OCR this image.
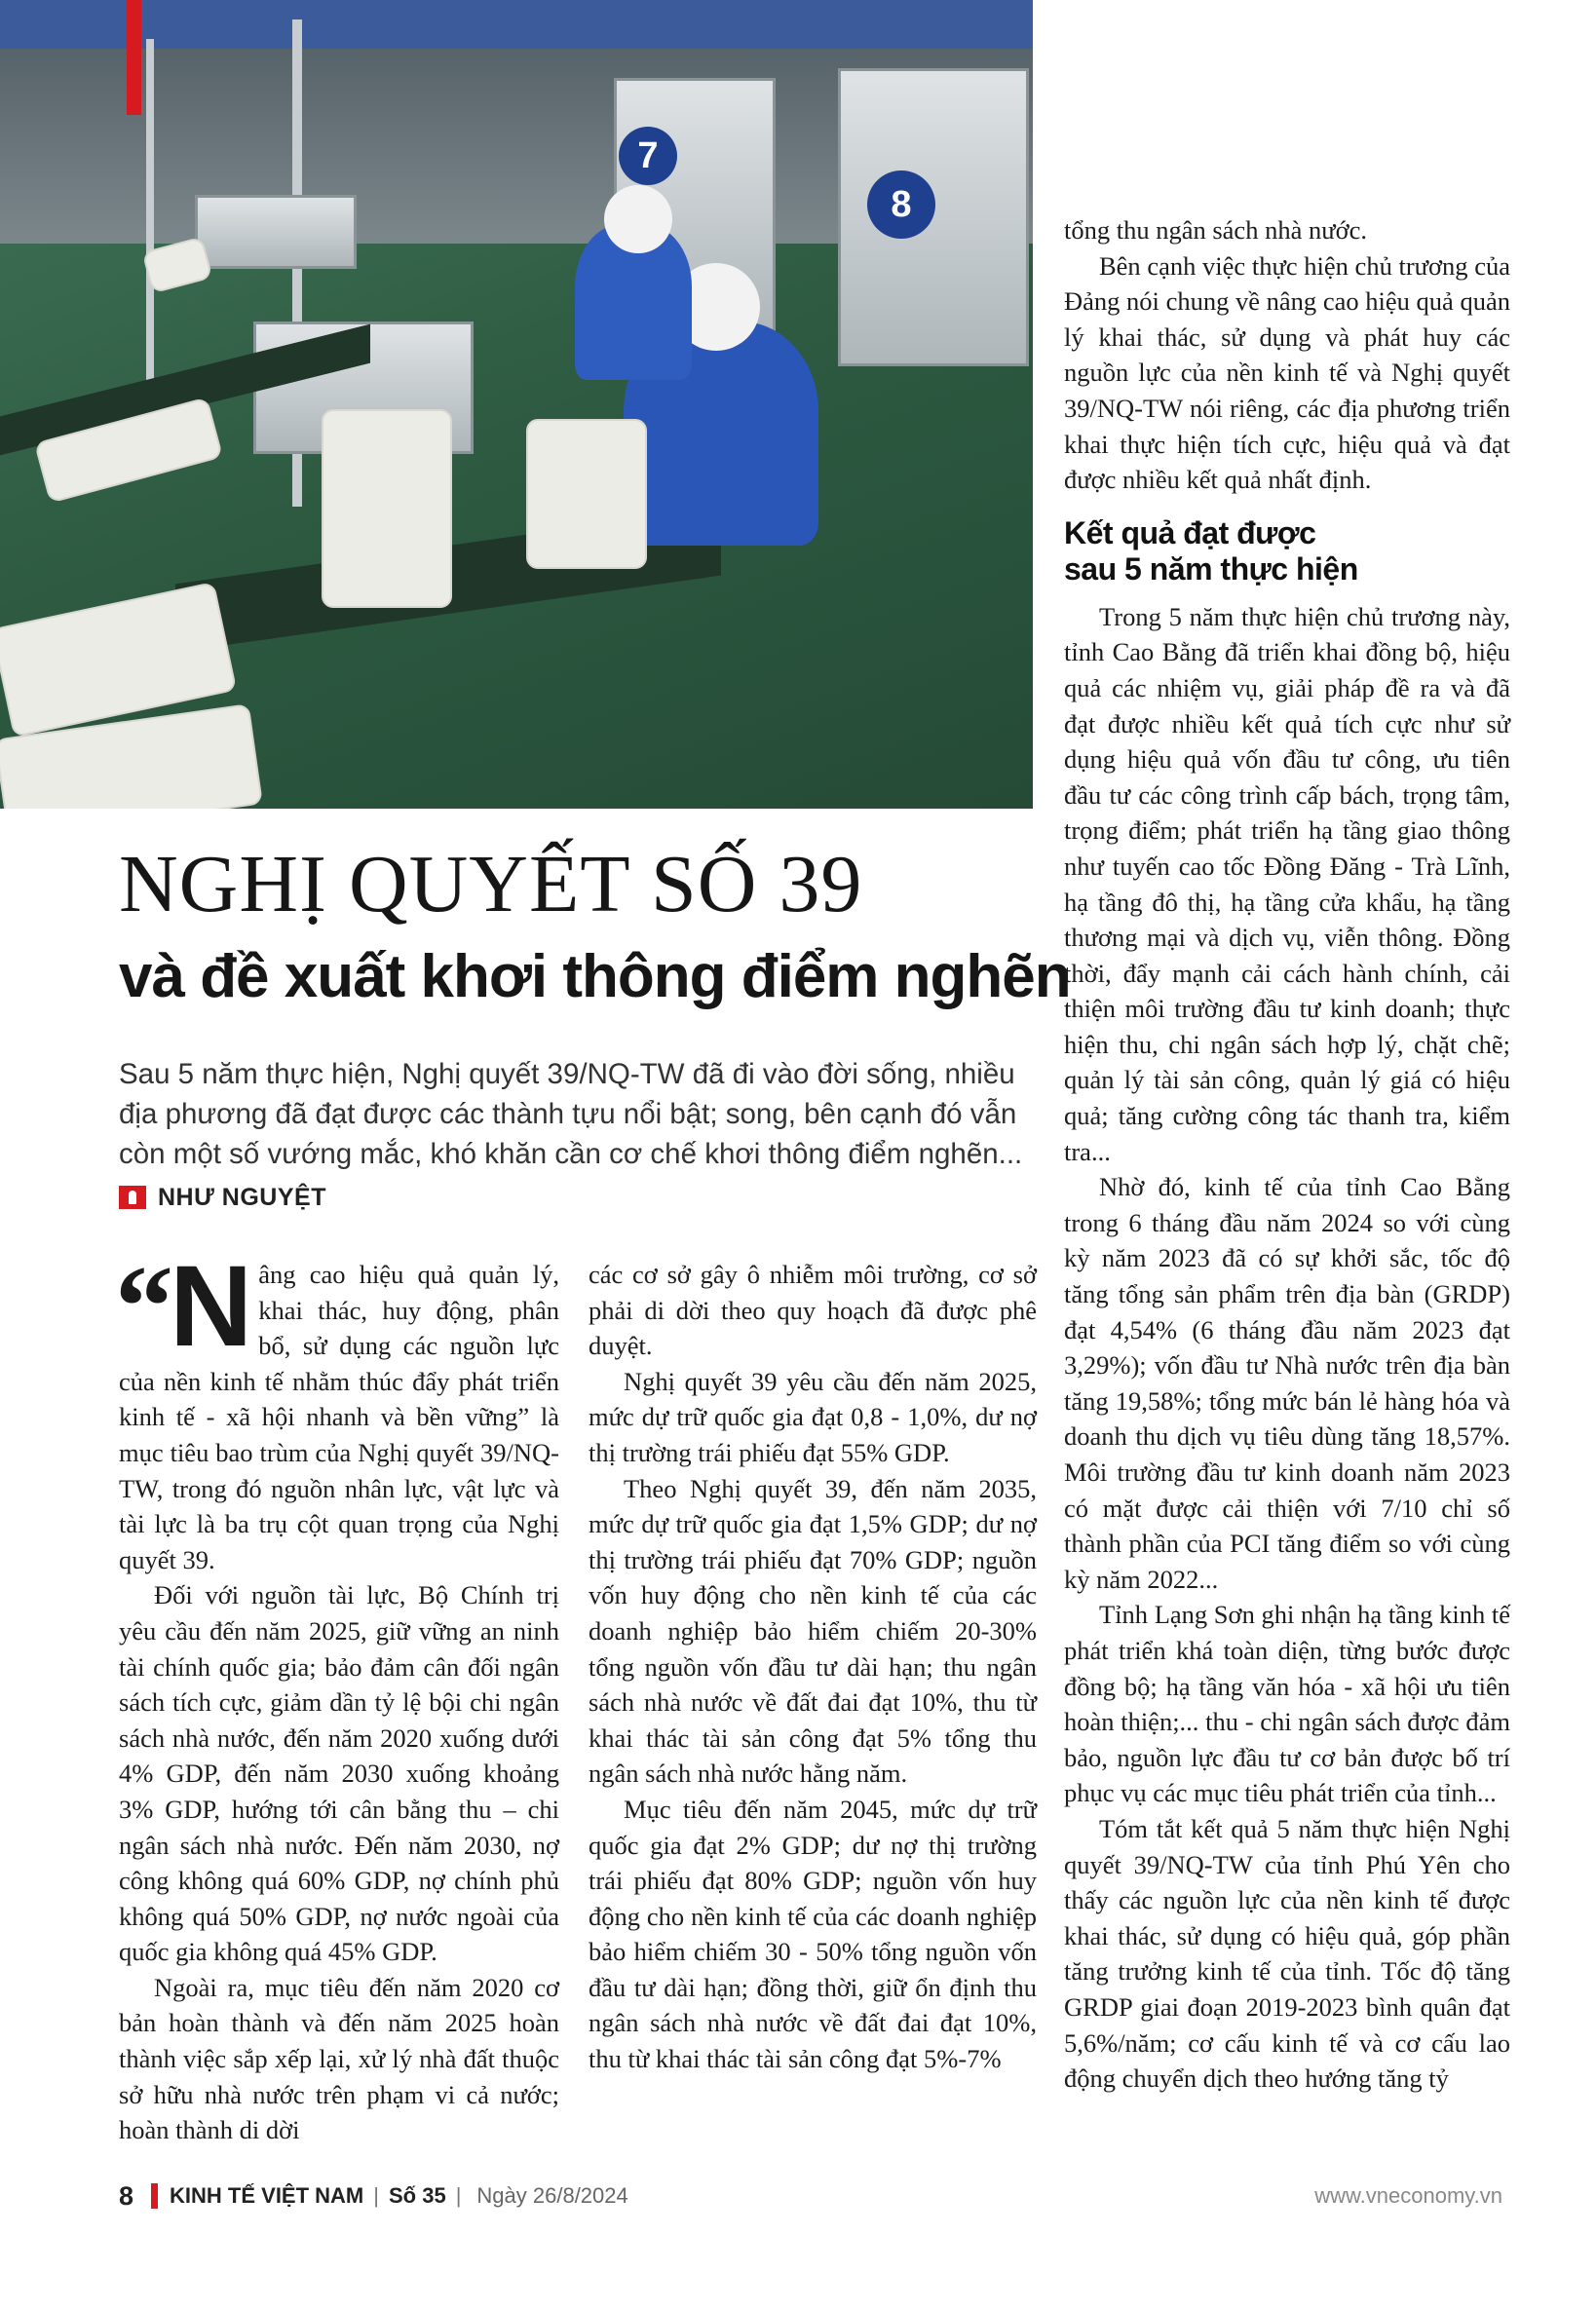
7
8
NGHỊ QUYẾT SỐ 39
và đề xuất khơi thông điểm nghẽn

Sau 5 năm thực hiện, Nghị quyết 39/NQ-TW đã đi vào đời sống, nhiều địa phương đã đạt được các thành tựu nổi bật; song, bên cạnh đó vẫn còn một số vướng mắc, khó khăn cần cơ chế khơi thông điểm nghẽn...

NHƯ NGUYỆT

“
N âng cao hiệu quả quản lý, khai thác, huy động, phân bổ, sử dụng các nguồn lực của nền kinh tế nhằm thúc đẩy phát triển kinh tế - xã hội nhanh và bền vững” là mục tiêu bao trùm của Nghị quyết 39/NQ-TW, trong đó nguồn nhân lực, vật lực và tài lực là ba trụ cột quan trọng của Nghị quyết 39.

Đối với nguồn tài lực, Bộ Chính trị yêu cầu đến năm 2025, giữ vững an ninh tài chính quốc gia; bảo đảm cân đối ngân sách tích cực, giảm dần tỷ lệ bội chi ngân sách nhà nước, đến năm 2020 xuống dưới 4% GDP, đến năm 2030 xuống khoảng 3% GDP, hướng tới cân bằng thu – chi ngân sách nhà nước. Đến năm 2030, nợ công không quá 60% GDP, nợ chính phủ không quá 50% GDP, nợ nước ngoài của quốc gia không quá 45% GDP.

Ngoài ra, mục tiêu đến năm 2020 cơ bản hoàn thành và đến năm 2025 hoàn thành việc sắp xếp lại, xử lý nhà đất thuộc sở hữu nhà nước trên phạm vi cả nước; hoàn thành di dời

các cơ sở gây ô nhiễm môi trường, cơ sở phải di dời theo quy hoạch đã được phê duyệt.

Nghị quyết 39 yêu cầu đến năm 2025, mức dự trữ quốc gia đạt 0,8 - 1,0%, dư nợ thị trường trái phiếu đạt 55% GDP.

Theo Nghị quyết 39, đến năm 2035, mức dự trữ quốc gia đạt 1,5% GDP; dư nợ thị trường trái phiếu đạt 70% GDP; nguồn vốn huy động cho nền kinh tế của các doanh nghiệp bảo hiểm chiếm 20-30% tổng nguồn vốn đầu tư dài hạn; thu ngân sách nhà nước về đất đai đạt 10%, thu từ khai thác tài sản công đạt 5% tổng thu ngân sách nhà nước hằng năm.

Mục tiêu đến năm 2045, mức dự trữ quốc gia đạt 2% GDP; dư nợ thị trường trái phiếu đạt 80% GDP; nguồn vốn huy động cho nền kinh tế của các doanh nghiệp bảo hiểm chiếm 30 - 50% tổng nguồn vốn đầu tư dài hạn; đồng thời, giữ ổn định thu ngân sách nhà nước về đất đai đạt 10%, thu từ khai thác tài sản công đạt 5%-7%

tổng thu ngân sách nhà nước.

Bên cạnh việc thực hiện chủ trương của Đảng nói chung về nâng cao hiệu quả quản lý khai thác, sử dụng và phát huy các nguồn lực của nền kinh tế và Nghị quyết 39/NQ-TW nói riêng, các địa phương triển khai thực hiện tích cực, hiệu quả và đạt được nhiều kết quả nhất định.

Kết quả đạt được
sau 5 năm thực hiện

Trong 5 năm thực hiện chủ trương này, tỉnh Cao Bằng đã triển khai đồng bộ, hiệu quả các nhiệm vụ, giải pháp đề ra và đã đạt được nhiều kết quả tích cực như sử dụng hiệu quả vốn đầu tư công, ưu tiên đầu tư các công trình cấp bách, trọng tâm, trọng điểm; phát triển hạ tầng giao thông như tuyến cao tốc Đồng Đăng - Trà Lĩnh, hạ tầng đô thị, hạ tầng cửa khẩu, hạ tầng thương mại và dịch vụ, viễn thông. Đồng thời, đẩy mạnh cải cách hành chính, cải thiện môi trường đầu tư kinh doanh; thực hiện thu, chi ngân sách hợp lý, chặt chẽ; quản lý tài sản công, quản lý giá có hiệu quả; tăng cường công tác thanh tra, kiểm tra...

Nhờ đó, kinh tế của tỉnh Cao Bằng trong 6 tháng đầu năm 2024 so với cùng kỳ năm 2023 đã có sự khởi sắc, tốc độ tăng tổng sản phẩm trên địa bàn (GRDP) đạt 4,54% (6 tháng đầu năm 2023 đạt 3,29%); vốn đầu tư Nhà nước trên địa bàn tăng 19,58%; tổng mức bán lẻ hàng hóa và doanh thu dịch vụ tiêu dùng tăng 18,57%. Môi trường đầu tư kinh doanh năm 2023 có mặt được cải thiện với 7/10 chỉ số thành phần của PCI tăng điểm so với cùng kỳ năm 2022...

Tỉnh Lạng Sơn ghi nhận hạ tầng kinh tế phát triển khá toàn diện, từng bước được đồng bộ; hạ tầng văn hóa - xã hội ưu tiên hoàn thiện;... thu - chi ngân sách được đảm bảo, nguồn lực đầu tư cơ bản được bố trí phục vụ các mục tiêu phát triển của tỉnh...

Tóm tắt kết quả 5 năm thực hiện Nghị quyết 39/NQ-TW của tỉnh Phú Yên cho thấy các nguồn lực của nền kinh tế được khai thác, sử dụng có hiệu quả, góp phần tăng trưởng kinh tế của tỉnh. Tốc độ tăng GRDP giai đoạn 2019-2023 bình quân đạt 5,6%/năm; cơ cấu kinh tế và cơ cấu lao động chuyển dịch theo hướng tăng tỷ

8 KINH TẾ VIỆT NAM | Số 35 | Ngày 26/8/2024	www.vneconomy.vn
